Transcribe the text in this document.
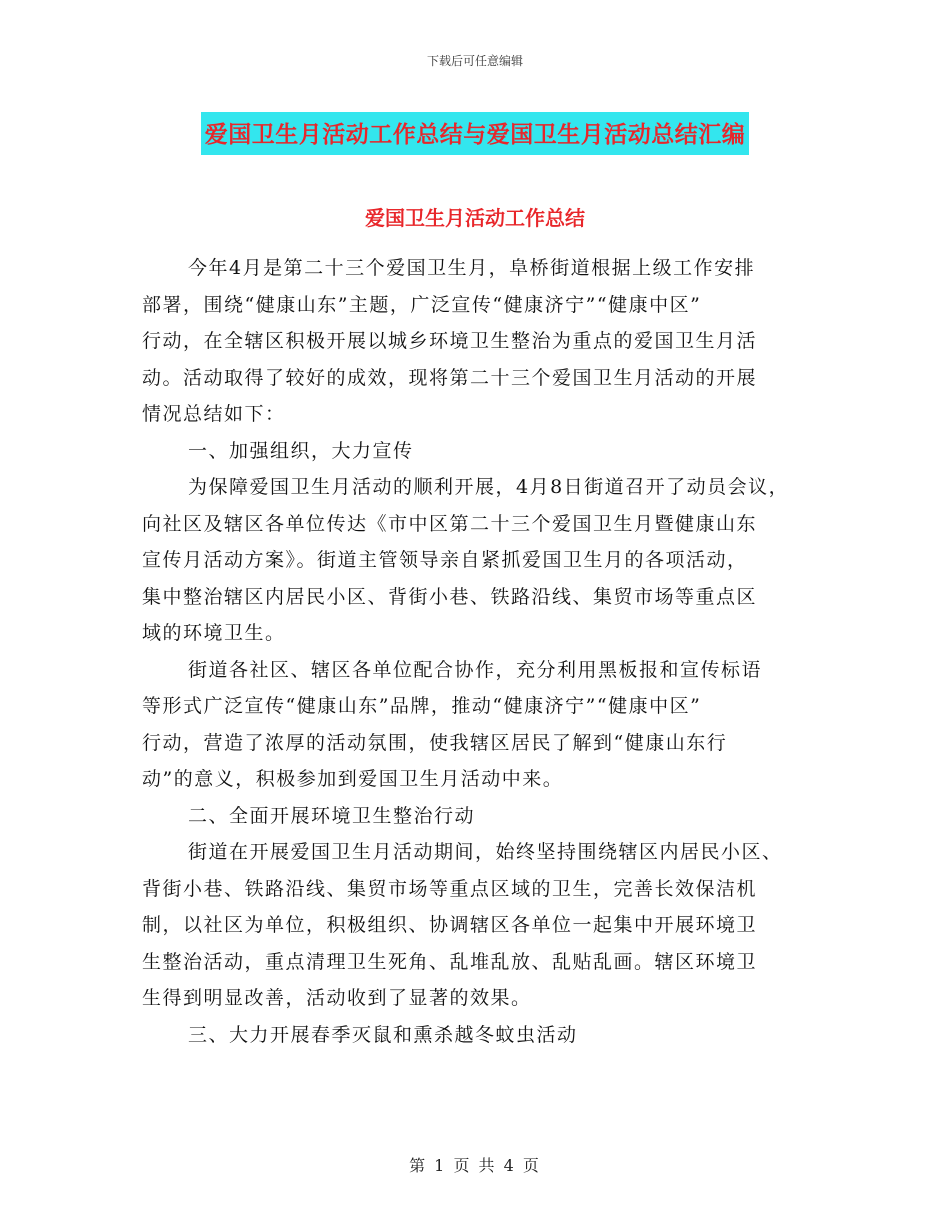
下载后可任意编辑
爱国卫生月活动工作总结与爱国卫生月活动总结汇编
爱国卫生月活动工作总结
今年4月是第二十三个爱国卫生月，阜桥街道根据上级工作安排
部署，围绕“健康山东”主题，广泛宣传“健康济宁”“健康中区”
行动，在全辖区积极开展以城乡环境卫生整治为重点的爱国卫生月活
动。活动取得了较好的成效，现将第二十三个爱国卫生月活动的开展
情况总结如下：
一、加强组织，大力宣传
为保障爱国卫生月活动的顺利开展，4月8日街道召开了动员会议，
向社区及辖区各单位传达《市中区第二十三个爱国卫生月暨健康山东
宣传月活动方案》。街道主管领导亲自紧抓爱国卫生月的各项活动，
集中整治辖区内居民小区、背街小巷、铁路沿线、集贸市场等重点区
域的环境卫生。
街道各社区、辖区各单位配合协作，充分利用黑板报和宣传标语
等形式广泛宣传“健康山东”品牌，推动“健康济宁”“健康中区”
行动，营造了浓厚的活动氛围，使我辖区居民了解到“健康山东行
动”的意义，积极参加到爱国卫生月活动中来。
二、全面开展环境卫生整治行动
街道在开展爱国卫生月活动期间，始终坚持围绕辖区内居民小区、
背街小巷、铁路沿线、集贸市场等重点区域的卫生，完善长效保洁机
制，以社区为单位，积极组织、协调辖区各单位一起集中开展环境卫
生整治活动，重点清理卫生死角、乱堆乱放、乱贴乱画。辖区环境卫
生得到明显改善，活动收到了显著的效果。
三、大力开展春季灭鼠和熏杀越冬蚊虫活动
第 1 页 共 4 页
